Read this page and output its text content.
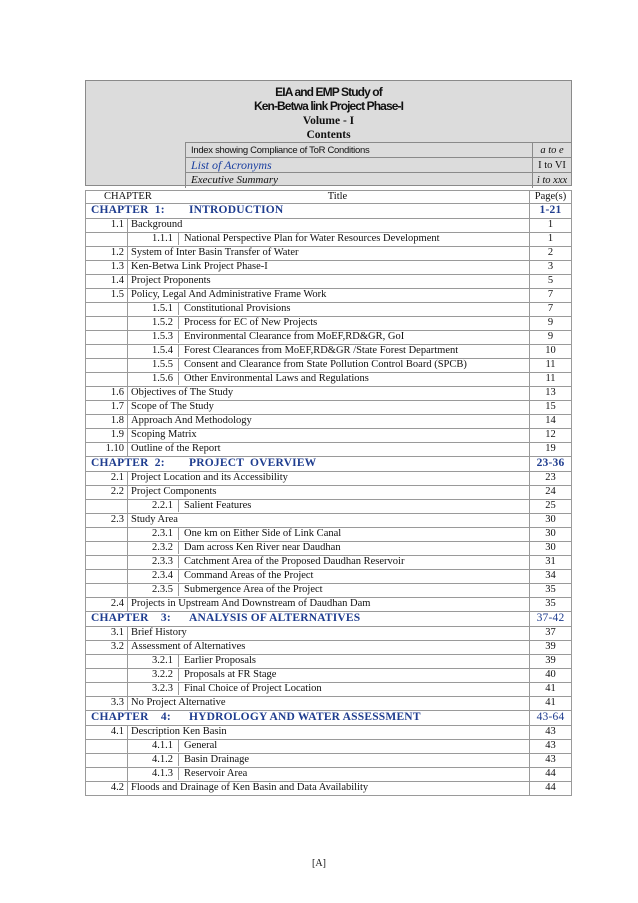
EIA and EMP Study of
Ken-Betwa link Project Phase-I
Volume - I
Contents
Index showing Compliance of ToR Conditions	a to e
List of Acronyms	I to VI
Executive Summary	i to xxx
CHAPTER Title		Page(s)
CHAPTER  1: INTRODUCTION		1-21
1.1	Background	1

	1.1.1 National Perspective Plan for Water Resources Development	1
1.2	System of Inter Basin Transfer of Water	2
1.3	Ken-Betwa Link Project Phase-I	3
1.4	Project Proponents	5
1.5	Policy, Legal And Administrative Frame Work	7

	1.5.1 Constitutional Provisions	7

	1.5.2 Process for EC of New Projects	9

	1.5.3 Environmental Clearance from MoEF,RD&GR, GoI	9

	1.5.4 Forest Clearances from MoEF,RD&GR /State Forest Department	10

	1.5.5 Consent and Clearance from State Pollution Control Board (SPCB)	11

	1.5.6 Other Environmental Laws and Regulations	11
1.6	Objectives of The Study	13
1.7	Scope of The Study	15
1.8	Approach And Methodology	14
1.9	Scoping Matrix	12
1.10	Outline of the Report	19
CHAPTER  2: PROJECT  OVERVIEW		23-36
2.1	Project Location and its Accessibility	23
2.2	Project Components	24

	2.2.1 Salient Features	25
2.3	Study Area	30

	2.3.1 One km on Either Side of Link Canal	30

	2.3.2 Dam across Ken River near Daudhan	30

	2.3.3 Catchment Area of the Proposed Daudhan Reservoir	31

	2.3.4 Command Areas of the Project	34

	2.3.5 Submergence Area of the Project	35
2.4	Projects in Upstream And Downstream of Daudhan Dam	35
CHAPTER    3: ANALYSIS OF ALTERNATIVES		37-42
3.1	Brief History	37
3.2	Assessment of Alternatives	39

	3.2.1 Earlier Proposals	39

	3.2.2 Proposals at FR Stage	40

	3.2.3 Final Choice of Project Location	41
3.3	No Project Alternative	41
CHAPTER    4: HYDROLOGY AND WATER ASSESSMENT		43-64
4.1	Description Ken Basin	43

	4.1.1 General	43

	4.1.2 Basin Drainage	43

	4.1.3 Reservoir Area	44
4.2	Floods and Drainage of Ken Basin and Data Availability	44
[A]
